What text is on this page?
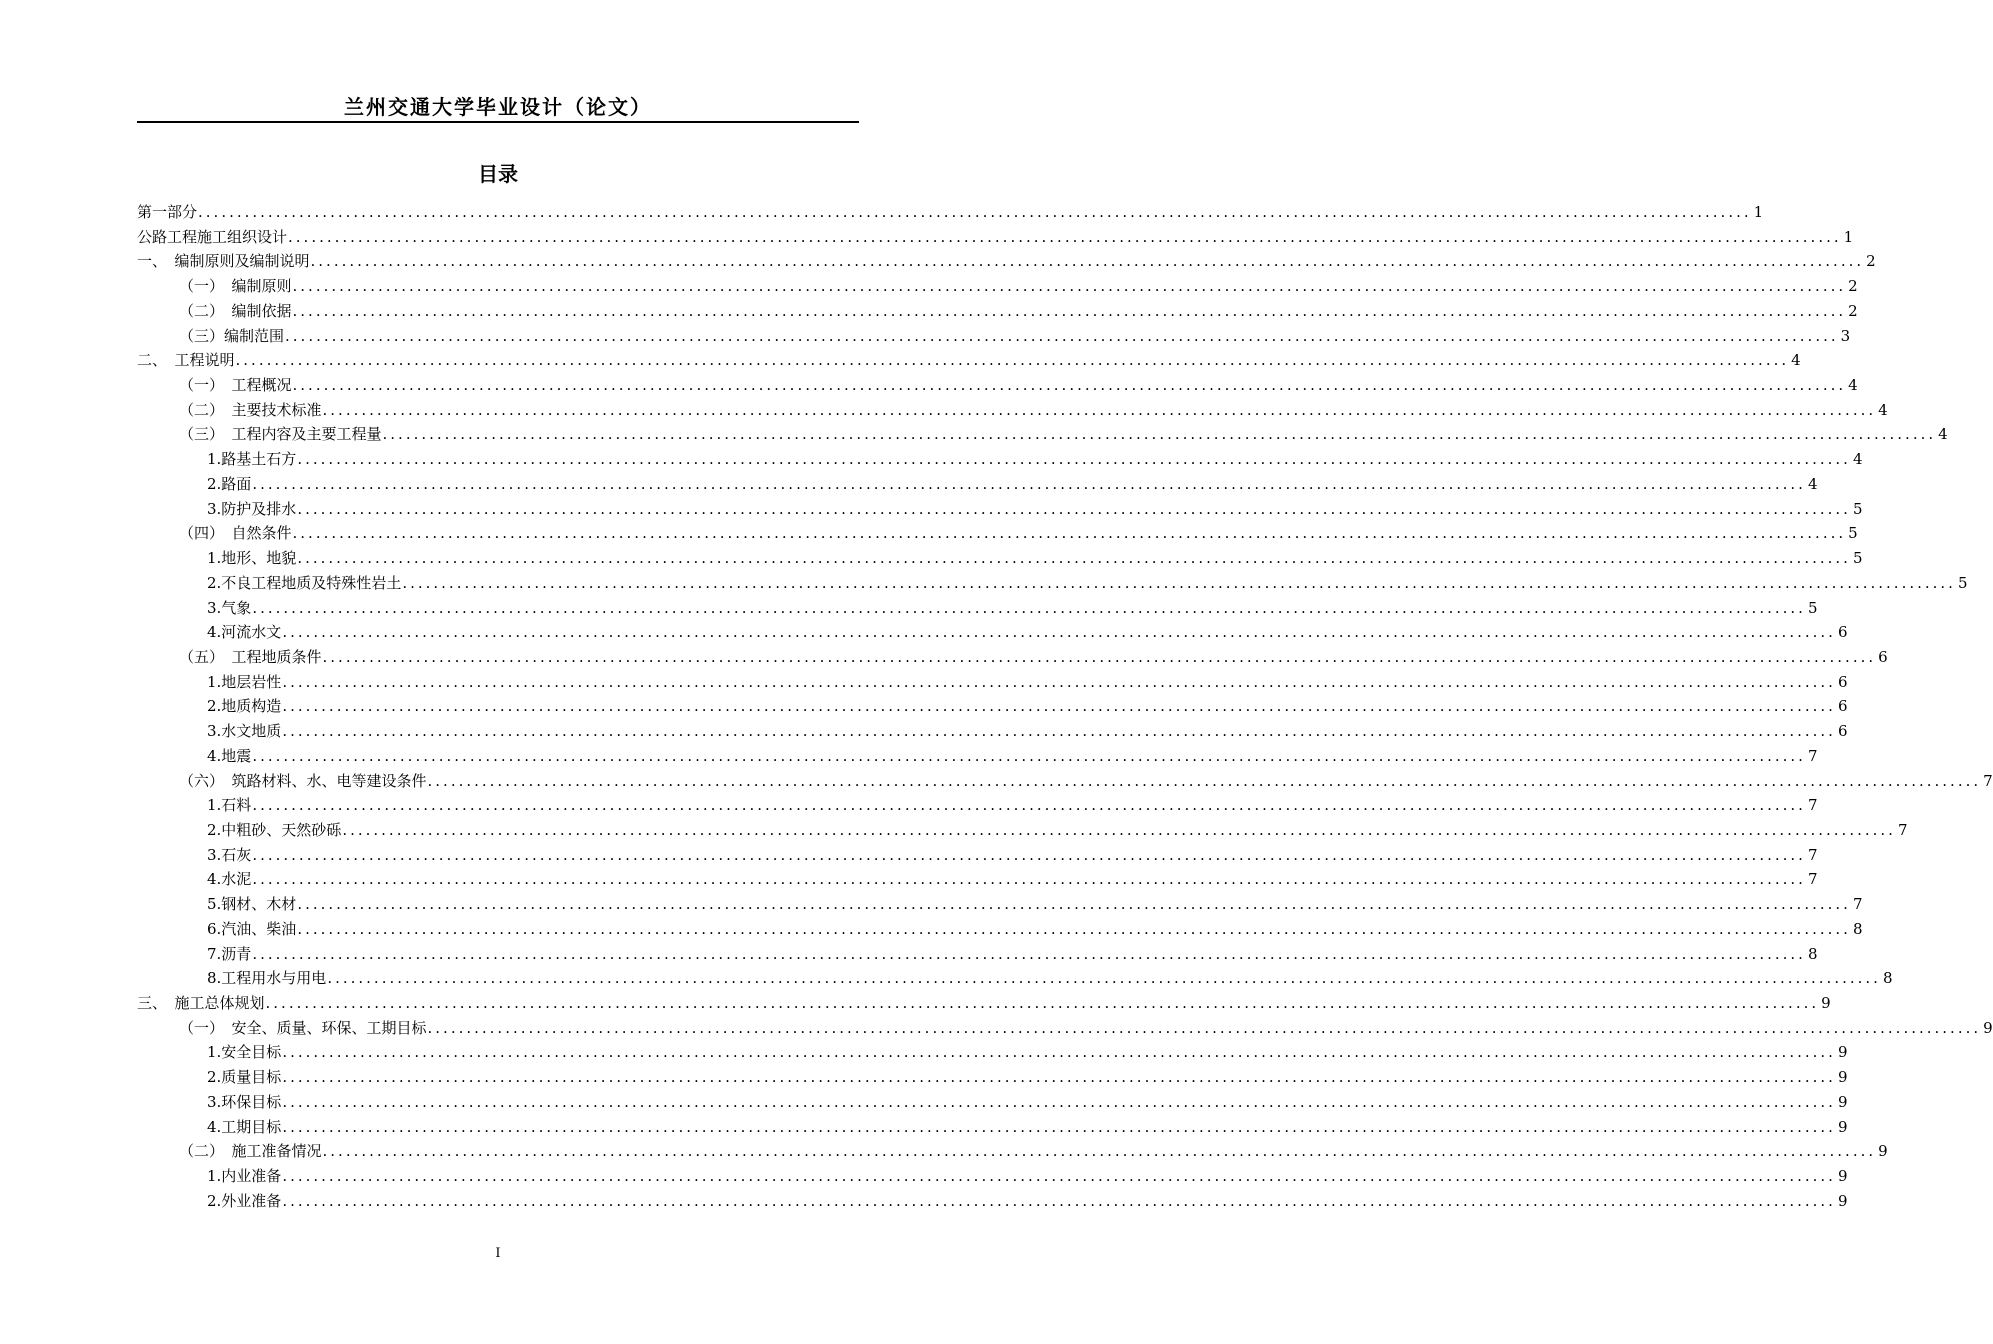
兰州交通大学毕业设计（论文）
目录
第一部分 ........................................................................................................................................................................................................ 1
公路工程施工组织设计 ........................................................................................................................................................................................................ 1
一、　编制原则及编制说明 ........................................................................................................................................................................................................ 2
（一）　编制原则 ........................................................................................................................................................................................................ 2
（二）　编制依据 ........................................................................................................................................................................................................ 2
（三）编制范围 ........................................................................................................................................................................................................ 3
二、　工程说明 ........................................................................................................................................................................................................ 4
（一）　工程概况 ........................................................................................................................................................................................................ 4
（二）　主要技术标准 ........................................................................................................................................................................................................ 4
（三）　工程内容及主要工程量 ........................................................................................................................................................................................................ 4
1.路基土石方 ........................................................................................................................................................................................................ 4
2.路面 ........................................................................................................................................................................................................ 4
3.防护及排水 ........................................................................................................................................................................................................ 5
（四）　自然条件 ........................................................................................................................................................................................................ 5
1.地形、地貌 ........................................................................................................................................................................................................ 5
2.不良工程地质及特殊性岩土 ........................................................................................................................................................................................................ 5
3.气象 ........................................................................................................................................................................................................ 5
4.河流水文 ........................................................................................................................................................................................................ 6
（五）　工程地质条件 ........................................................................................................................................................................................................ 6
1.地层岩性 ........................................................................................................................................................................................................ 6
2.地质构造 ........................................................................................................................................................................................................ 6
3.水文地质 ........................................................................................................................................................................................................ 6
4.地震 ........................................................................................................................................................................................................ 7
（六）　筑路材料、水、电等建设条件 ........................................................................................................................................................................................................ 7
1.石料 ........................................................................................................................................................................................................ 7
2.中粗砂、天然砂砾 ........................................................................................................................................................................................................ 7
3.石灰 ........................................................................................................................................................................................................ 7
4.水泥 ........................................................................................................................................................................................................ 7
5.钢材、木材 ........................................................................................................................................................................................................ 7
6.汽油、柴油 ........................................................................................................................................................................................................ 8
7.沥青 ........................................................................................................................................................................................................ 8
8.工程用水与用电 ........................................................................................................................................................................................................ 8
三、　施工总体规划 ........................................................................................................................................................................................................ 9
（一）　安全、质量、环保、工期目标 ........................................................................................................................................................................................................ 9
1.安全目标 ........................................................................................................................................................................................................ 9
2.质量目标 ........................................................................................................................................................................................................ 9
3.环保目标 ........................................................................................................................................................................................................ 9
4.工期目标 ........................................................................................................................................................................................................ 9
（二）　施工准备情况 ........................................................................................................................................................................................................ 9
1.内业准备 ........................................................................................................................................................................................................ 9
2.外业准备 ........................................................................................................................................................................................................ 9
I
